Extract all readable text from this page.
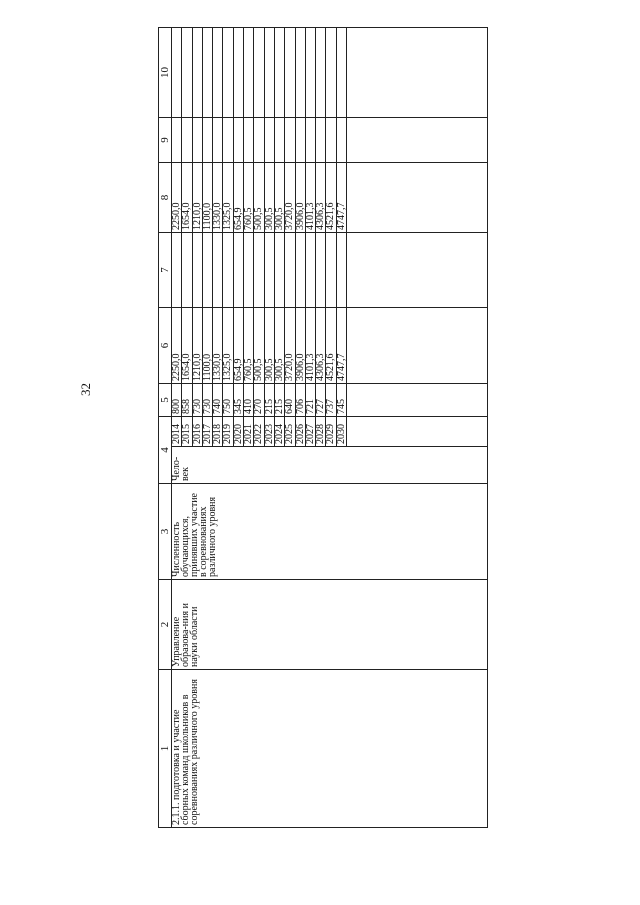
32
1	2	3	4		5	6	7	8	9	10
2.1.1. подготовка и участие сборных команд школьников в соревнованиях различного уровня	Управление образова-ния и науки области	Численность обучающихся, принявших участие в соревнованиях различного уровня	Чело-век	2014	800	2250,0		2250,0		
				2015	858	1654,0		1654,0		
				2016	730	1210,0		1210,0		
				2017	730	1100,0		1100,0		
				2018	740	1330,0		1330,0		
				2019	750	1325,0		1325,0		
				2020	345	654,9		654,9		
				2021	410	760,5		760,5		
				2022	270	500,5		500,5		
				2023	215	300,5		300,5		
				2024	215	300,5		300,5		
				2025	640	3720,0		3720,0		
				2026	706	3906,0		3906,0		
				2027	721	4101,3		4101,3		
				2028	727	4306,3		4306,3		
				2029	737	4521,6		4521,6		
				2030	745	4747,7		4747,7		
